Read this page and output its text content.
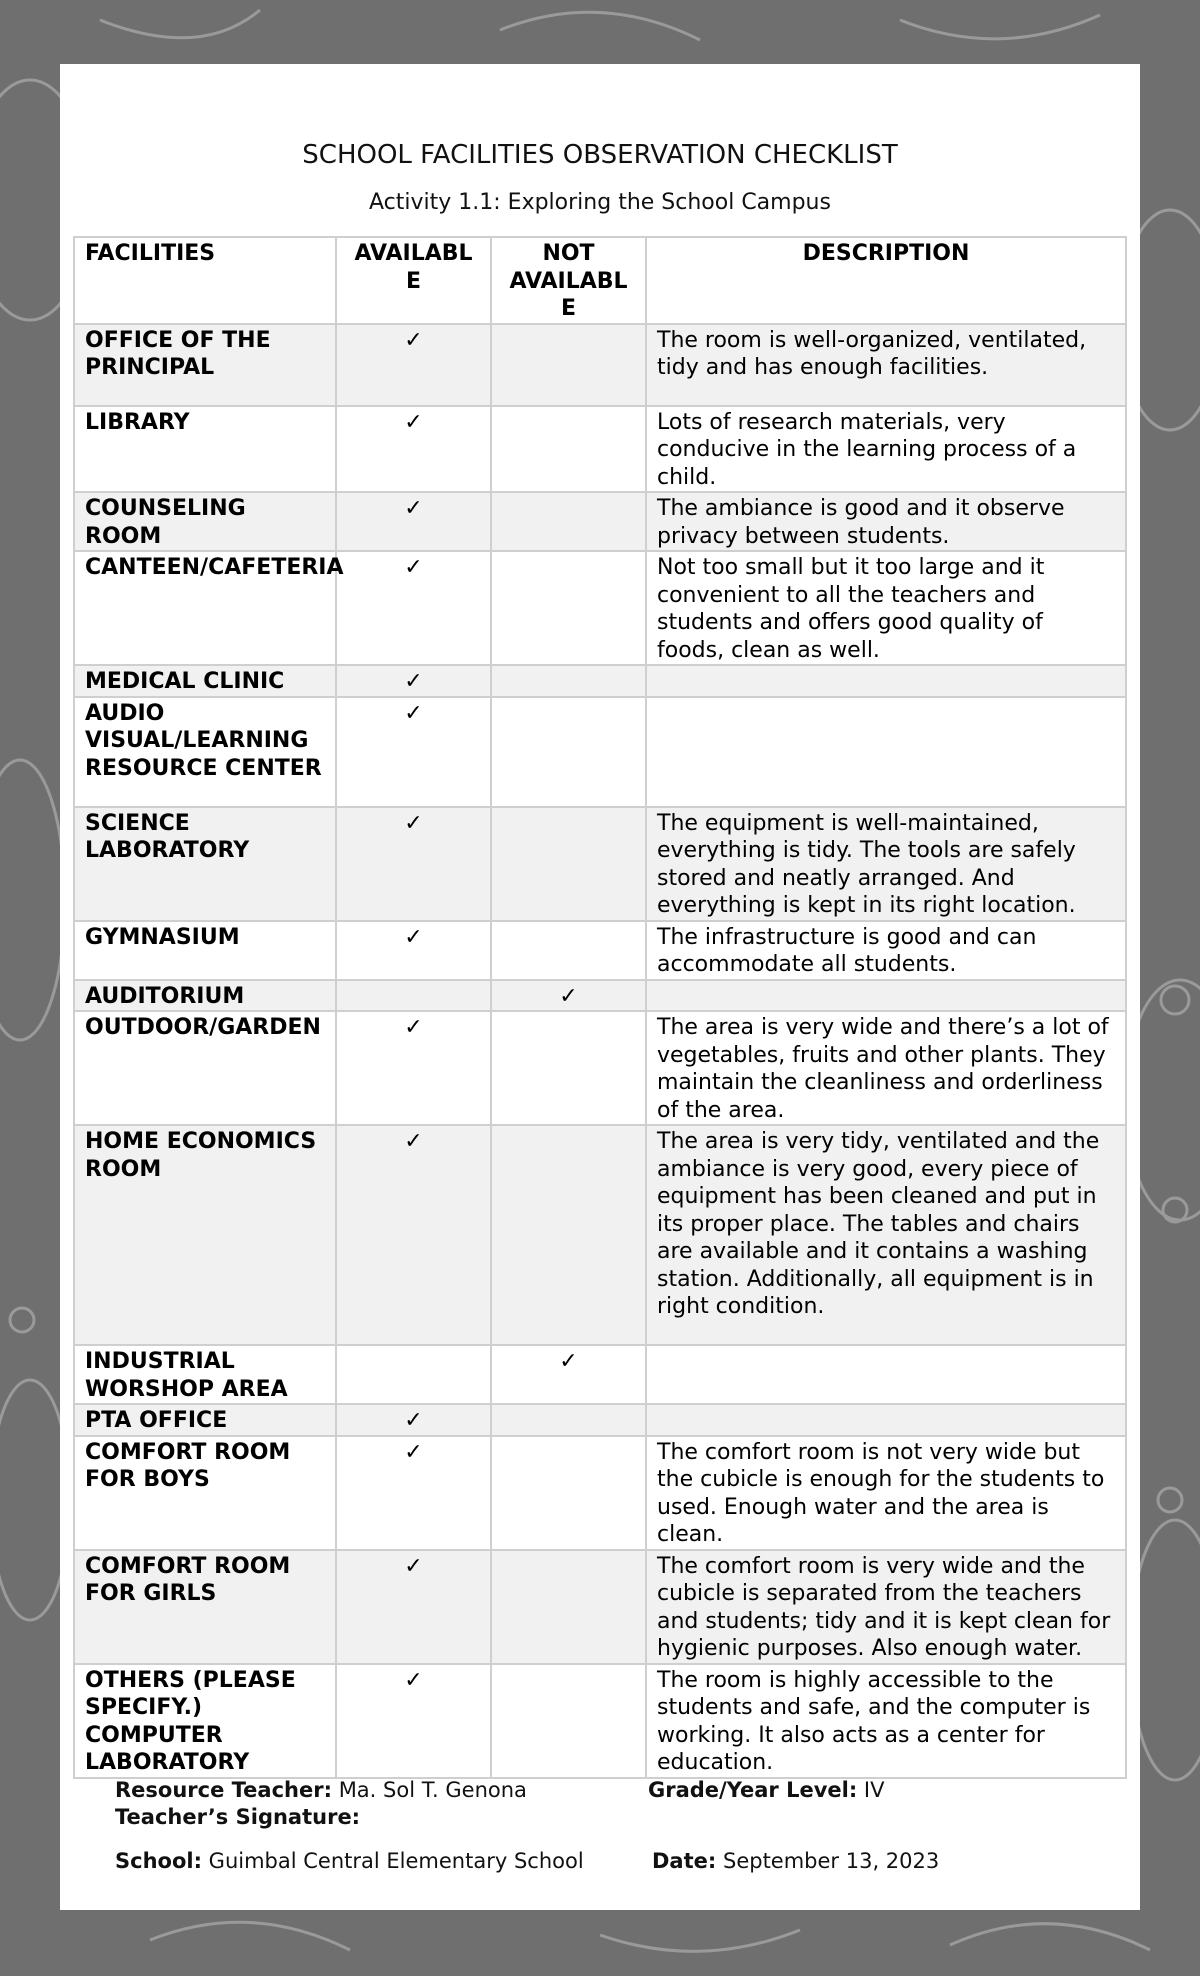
SCHOOL FACILITIES OBSERVATION CHECKLIST
Activity 1.1: Exploring the School Campus
FACILITIES	AVAILABL E	NOT AVAILABL E	DESCRIPTION
OFFICE OF THE PRINCIPAL	✓		The room is well-organized, ventilated, tidy and has enough facilities.
LIBRARY	✓		Lots of research materials, very conducive in the learning process of a child.
COUNSELING ROOM	✓		The ambiance is good and it observe privacy between students.
CANTEEN/CAFETERIA	✓		Not too small but it too large and it convenient to all the teachers and students and offers good quality of foods, clean as well.
MEDICAL CLINIC	✓		
AUDIO VISUAL/LEARNING RESOURCE CENTER	✓		
SCIENCE LABORATORY	✓		The equipment is well-maintained, everything is tidy. The tools are safely stored and neatly arranged. And everything is kept in its right location.
GYMNASIUM	✓		The infrastructure is good and can accommodate all students.
AUDITORIUM		✓	
OUTDOOR/GARDEN	✓		The area is very wide and there’s a lot of vegetables, fruits and other plants. They maintain the cleanliness and orderliness of the area.
HOME ECONOMICS ROOM	✓		The area is very tidy, ventilated and the ambiance is very good, every piece of equipment has been cleaned and put in its proper place. The tables and chairs are available and it contains a washing station. Additionally, all equipment is in right condition.
INDUSTRIAL WORSHOP AREA		✓	
PTA OFFICE	✓		
COMFORT ROOM FOR BOYS	✓		The comfort room is not very wide but the cubicle is enough for the students to used. Enough water and the area is clean.
COMFORT ROOM FOR GIRLS	✓		The comfort room is very wide and the cubicle is separated from the teachers and students; tidy and it is kept clean for hygienic purposes. Also enough water.
OTHERS (PLEASE SPECIFY.) COMPUTER LABORATORY	✓		The room is highly accessible to the students and safe, and the computer is working. It also acts as a center for education.
Resource Teacher: Ma. Sol T. Genona	Grade/Year Level: IV
Teacher’s Signature:
School: Guimbal Central Elementary School	Date: September 13, 2023
